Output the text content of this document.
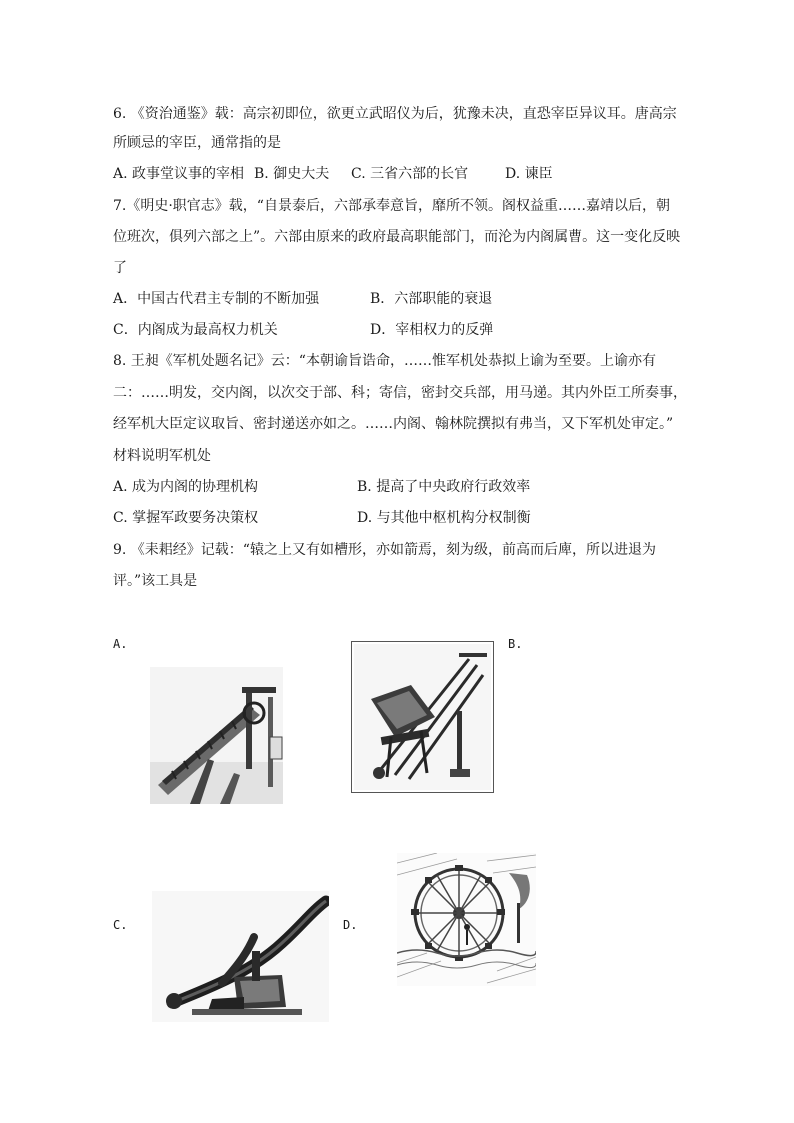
6. 《资治通鉴》载：高宗初即位，欲更立武昭仪为后，犹豫未决，直恐宰臣异议耳。唐高宗
所顾忌的宰臣，通常指的是
A. 政事堂议事的宰相 B. 御史大夫 C. 三省六部的长官	D. 谏臣
7.《明史·职官志》载，“自景泰后，六部承奉意旨，靡所不领。阁权益重……嘉靖以后，朝
位班次，俱列六部之上”。六部由原来的政府最高职能部门，而沦为内阁属曹。这一变化反映
了
A．中国古代君主专制的不断加强	B．六部职能的衰退
C．内阁成为最高权力机关	D．宰相权力的反弹
8. 王昶《军机处题名记》云：“本朝谕旨诰命，……惟军机处恭拟上谕为至要。上谕亦有
二：……明发，交内阁，以次交于部、科；寄信，密封交兵部，用马递。其内外臣工所奏事，
经军机大臣定议取旨、密封递送亦如之。……内阁、翰林院撰拟有弗当，又下军机处审定。”
材料说明军机处
A. 成为内阁的协理机构	B. 提高了中央政府行政效率
C. 掌握军政要务决策权	D. 与其他中枢机构分权制衡
9. 《耒耜经》记载：“辕之上又有如槽形，亦如箭焉，刻为级，前高而后庳，所以进退为
评。”该工具是
A.	B.
C.	D.
